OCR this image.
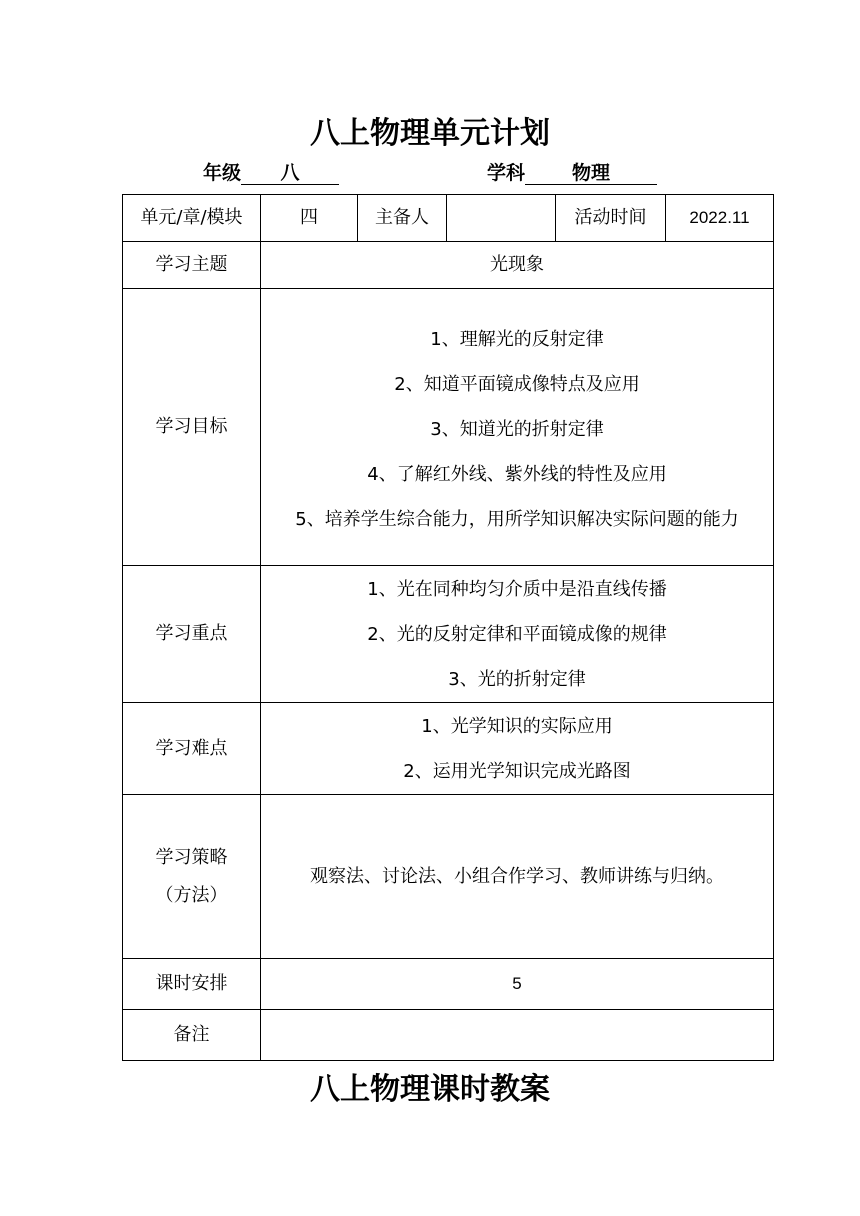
八上物理单元计划
年级 八	学科 物理
单元/章/模块	四	主备人		活动时间	2022.11
学习主题	光现象				
学习目标	1、理解光的反射定律
2、知道平面镜成像特点及应用
3、知道光的折射定律
4、了解红外线、紫外线的特性及应用
5、培养学生综合能力，用所学知识解决实际问题的能力				

学习重点	1、光在同种均匀介质中是沿直线传播
2、光的反射定律和平面镜成像的规律
3、光的折射定律				

学习难点	1、光学知识的实际应用
2、运用光学知识完成光路图				

学习策略
（方法）	观察法、讨论法、小组合作学习、教师讲练与归纳。				
课时安排	5				
备注					
八上物理课时教案
